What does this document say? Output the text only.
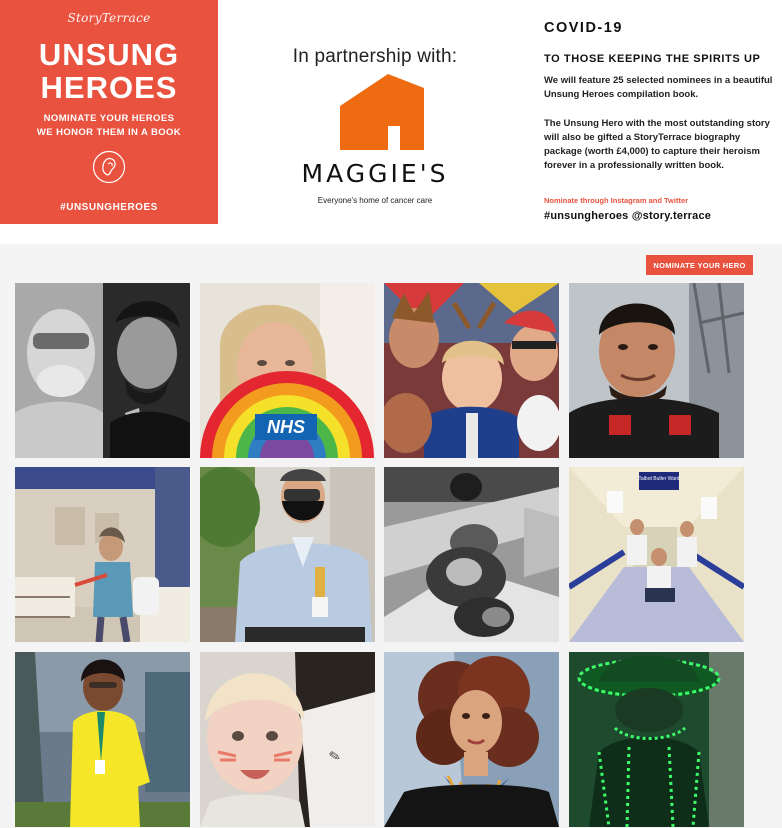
StoryTerrace
UNSUNG
HEROES
NOMINATE YOUR HEROES
WE HONOR THEM IN A BOOK
#UNSUNGHEROES
In partnership with:
MAGGIE'S
Everyone's home of cancer care
COVID-19
TO THOSE KEEPING THE SPIRITS UP
We will feature 25 selected nominees in a beautiful Unsung Heroes compilation book.
The Unsung Hero with the most outstanding story will also be gifted a StoryTerrace biography package (worth £4,000) to capture their heroism forever in a professionally written book.
Nominate through Instagram and Twitter
#unsungheroes @story.terrace
NOMINATE YOUR HERO
NHS
Talbot Butler Ward
✎
